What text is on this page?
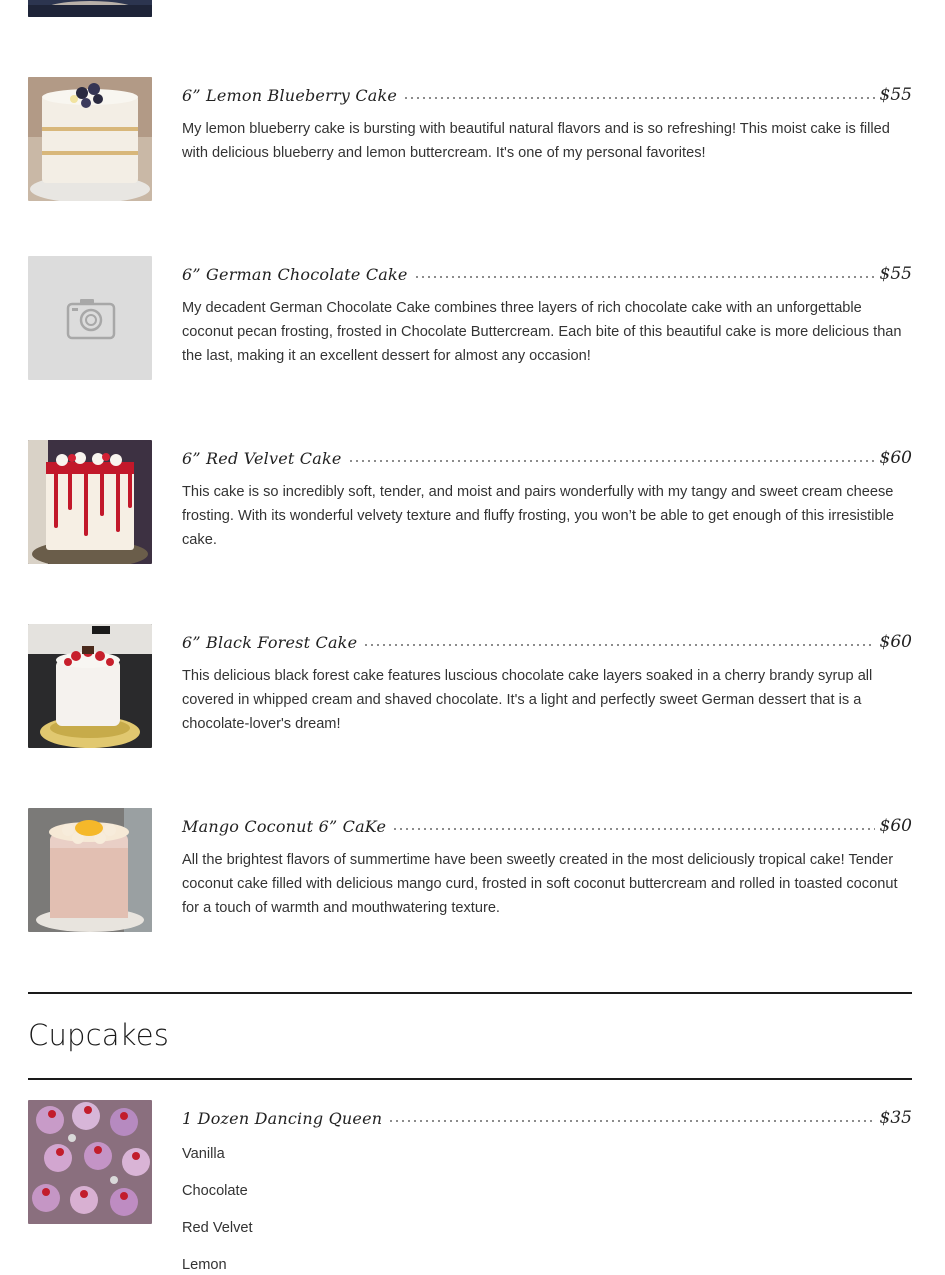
6” Lemon Blueberry Cake	$55

My lemon blueberry cake is bursting with beautiful natural flavors and is so refreshing! This moist cake is filled with delicious blueberry and lemon buttercream. It's one of my personal favorites!

6” German Chocolate Cake	$55

My decadent German Chocolate Cake combines three layers of rich chocolate cake with an unforgettable coconut pecan frosting, frosted in Chocolate Buttercream. Each bite of this beautiful cake is more delicious than the last, making it an excellent dessert for almost any occasion!

6” Red Velvet Cake	$60

This cake is so incredibly soft, tender, and moist and pairs wonderfully with my tangy and sweet cream cheese frosting. With its wonderful velvety texture and fluffy frosting, you won’t be able to get enough of this irresistible cake.

6” Black Forest Cake	$60

This delicious black forest cake features luscious chocolate cake layers soaked in a cherry brandy syrup all covered in whipped cream and shaved chocolate. It's a light and perfectly sweet German dessert that is a chocolate-lover's dream!

Mango Coconut 6” CaKe	$60

All the brightest flavors of summertime have been sweetly created in the most deliciously tropical cake! Tender coconut cake filled with delicious mango curd, frosted in soft coconut buttercream and rolled in toasted coconut for a touch of warmth and mouthwatering texture.

Cupcakes
1 Dozen Dancing Queen	$35
Vanilla
Chocolate
Red Velvet
Lemon
